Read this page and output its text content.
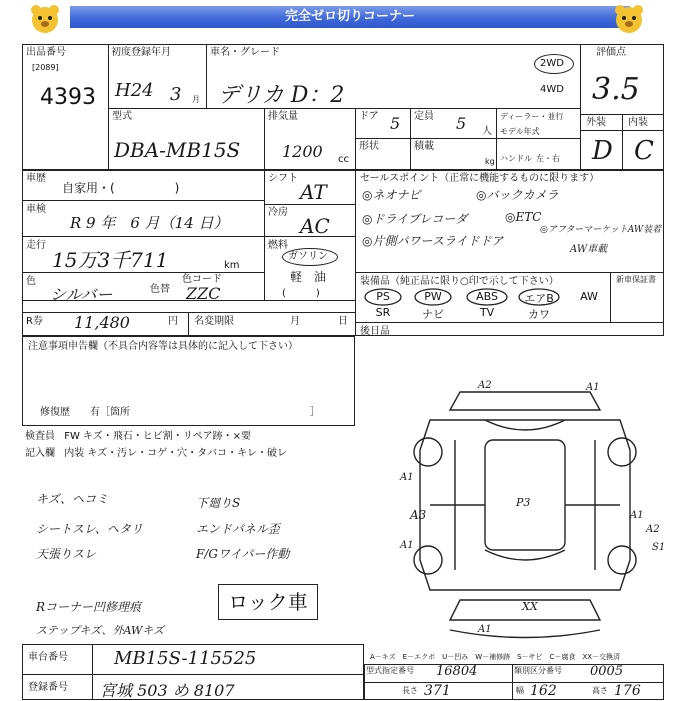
完全ゼロ切りコーナー
出品番号
[2089]
4393
初度登録年月
H24 3 月
車名・グレード
デリカ D：2
2WD
4WD
評価点
3.5
外装 内装
D C
型式
DBA-MB15S
排気量
1200 cc
ドア 5 定員 5 人
形状	積載
kg
ディーラー・並行
モデル年式
ハンドル 左・右
車歴
自家用・(　　　　　)
車検
R 9 年　6 月（14 日）
走行
15万3千711	km
シフト
AT
冷房
AC
燃料
ガソリン
軽　油
(　　　)
色
シルバー	色替
色コード
ZZC
R券 11,480	円 名変期限	月	日
セールスポイント（正常に機能するものに限ります）
◎ネオナビ	◎バックカメラ
◎ドライブレコーダ	◎ETC
◎片側パワースライドドア
◎アフターマーケットAW装着
AW車載
装備品（純正品に限り○印で示して下さい）	新車保証書
PS	PW	ABS	エアB	AW
SR	ナビ	TV	カワ
後日品
注意事項申告欄（不具合内容等は具体的に記入して下さい）
修復歴　　有［箇所　　　　　　　　　　　　　　　　　　］
検査員 FW キズ・飛石・ヒビ割・リペア跡・×要
記入欄 内装 キズ・汚レ・コゲ・穴・タバコ・キレ・破レ
キズ、ヘコミ
シートスレ、ヘタリ
天張りスレ
Rコーナー凹修理痕
ステップキズ、外AWキズ
下廻りS
エンドパネル歪
F/Gワイパー作動
ロック車
A2	A1
A1
A3	A1
A2
S1
A1
XX
A1
P3
A－キズ　E－エクボ　U－凹み　W－補修跡　S－サビ　C－腐食　XX－交換済
車台番号	MB15S-115525
登録番号 宮城 503 め 8107
型式指定番号 16804	類別区分番号 0005
長さ 371	幅 162	高さ 176
